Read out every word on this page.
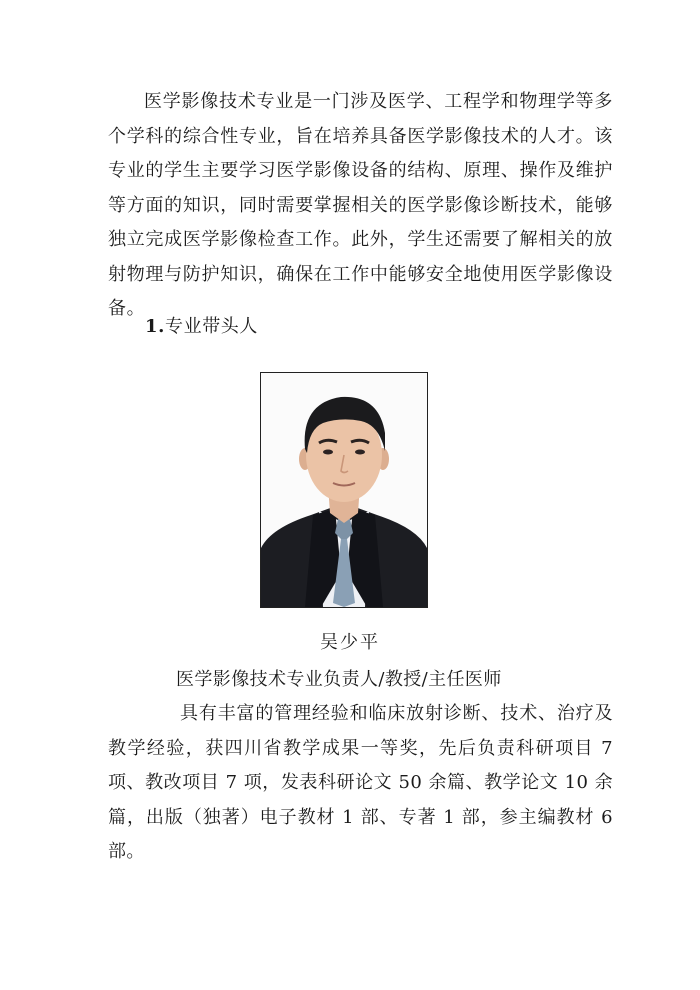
医学影像技术专业是一门涉及医学、工程学和物理学等多个学科的综合性专业，旨在培养具备医学影像技术的人才。该专业的学生主要学习医学影像设备的结构、原理、操作及维护等方面的知识，同时需要掌握相关的医学影像诊断技术，能够独立完成医学影像检查工作。此外，学生还需要了解相关的放射物理与防护知识，确保在工作中能够安全地使用医学影像设备。

1.专业带头人

吴少平

医学影像技术专业负责人/教授/主任医师

具有丰富的管理经验和临床放射诊断、技术、治疗及教学经验，获四川省教学成果一等奖，先后负责科研项目 7 项、教改项目 7 项，发表科研论文 50 余篇、教学论文 10 余篇，出版（独著）电子教材 1 部、专著 1 部，参主编教材 6 部。
